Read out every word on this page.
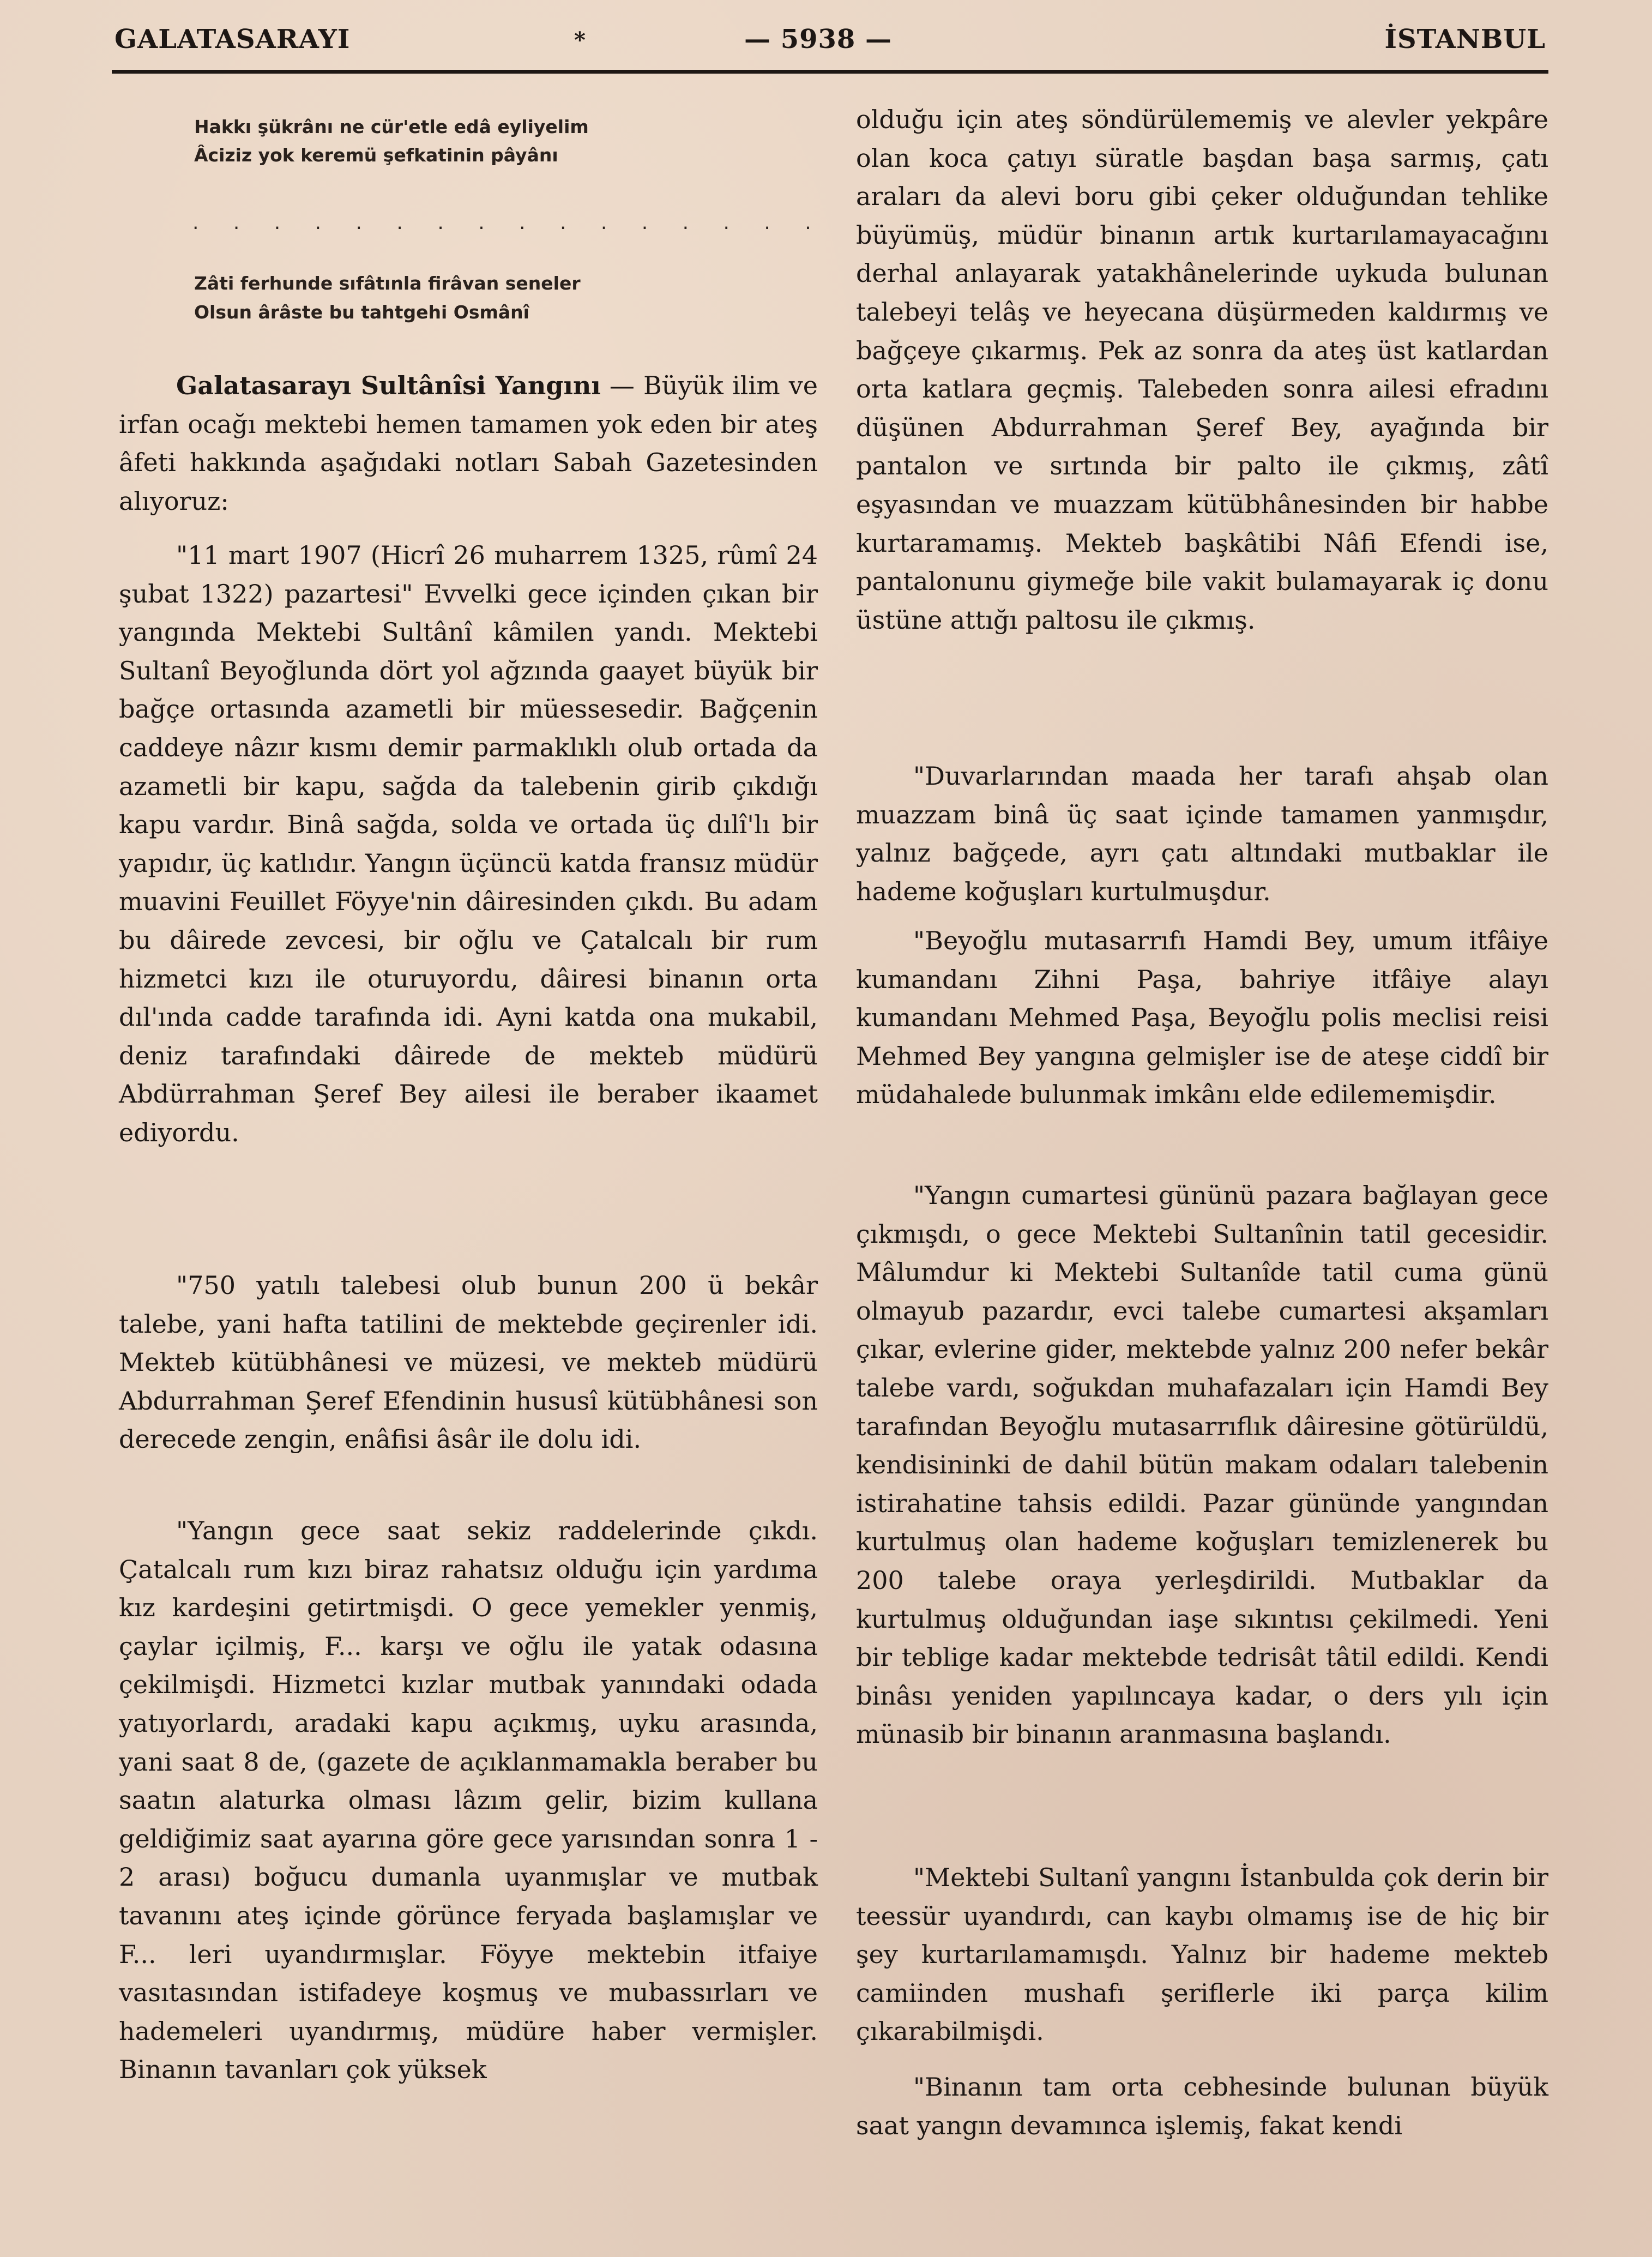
GALATASARAYI	*	— 5938 —	İSTANBUL
Hakkı şükrânı ne cür'etle edâ eyliyelim
Âciziz yok keremü şefkatinin pâyânı
. . . . . . . . . . . . . . . .
Zâti ferhunde sıfâtınla firâvan seneler
Olsun ârâste bu tahtgehi Osmânî

Galatasarayı Sultânîsi Yangını — Büyük ilim ve irfan ocağı mektebi hemen tamamen yok eden bir ateş âfeti hakkında aşağıdaki notları Sabah Gazetesinden alıyoruz:

"11 mart 1907 (Hicrî 26 muharrem 1325, rûmî 24 şubat 1322) pazartesi" Evvelki gece içinden çıkan bir yangında Mektebi Sultânî kâmilen yandı. Mektebi Sultanî Beyoğlunda dört yol ağzında gaayet büyük bir bağçe ortasında azametli bir müessesedir. Bağçenin caddeye nâzır kısmı demir parmaklıklı olub ortada da azametli bir kapu, sağda da talebenin girib çıkdığı kapu vardır. Binâ sağda, solda ve ortada üç dılî'lı bir yapıdır, üç katlıdır. Yangın üçüncü katda fransız müdür muavini Feuillet Föyye'nin dâiresinden çıkdı. Bu adam bu dâirede zevcesi, bir oğlu ve Çatalcalı bir rum hizmetci kızı ile oturuyordu, dâiresi binanın orta dıl'ında cadde tarafında idi. Ayni katda ona mukabil, deniz tarafındaki dâirede de mekteb müdürü Abdürrahman Şeref Bey ailesi ile beraber ikaamet ediyordu.

"750 yatılı talebesi olub bunun 200 ü bekâr talebe, yani hafta tatilini de mektebde geçirenler idi. Mekteb kütübhânesi ve müzesi, ve mekteb müdürü Abdurrahman Şeref Efendinin hususî kütübhânesi son derecede zengin, enâfisi âsâr ile dolu idi.

"Yangın gece saat sekiz raddelerinde çıkdı. Çatalcalı rum kızı biraz rahatsız olduğu için yardıma kız kardeşini getirtmişdi. O gece yemekler yenmiş, çaylar içilmiş, F... karşı ve oğlu ile yatak odasına çekilmişdi. Hizmetci kızlar mutbak yanındaki odada yatıyorlardı, aradaki kapu açıkmış, uyku arasında, yani saat 8 de, (gazete de açıklanmamakla beraber bu saatın alaturka olması lâzım gelir, bizim kullana geldiğimiz saat ayarına göre gece yarısından sonra 1 - 2 arası) boğucu dumanla uyanmışlar ve mutbak tavanını ateş içinde görünce feryada başlamışlar ve F... leri uyandırmışlar. Föyye mektebin itfaiye vasıtasından istifadeye koşmuş ve mubassırları ve hademeleri uyandırmış, müdüre haber vermişler. Binanın tavanları çok yüksek

olduğu için ateş söndürülememiş ve alevler yekpâre olan koca çatıyı süratle başdan başa sarmış, çatı araları da alevi boru gibi çeker olduğundan tehlike büyümüş, müdür binanın artık kurtarılamayacağını derhal anlayarak yatakhânelerinde uykuda bulunan talebeyi telâş ve heyecana düşürmeden kaldırmış ve bağçeye çıkarmış. Pek az sonra da ateş üst katlardan orta katlara geçmiş. Talebeden sonra ailesi efradını düşünen Abdurrahman Şeref Bey, ayağında bir pantalon ve sırtında bir palto ile çıkmış, zâtî eşyasından ve muazzam kütübhânesinden bir habbe kurtaramamış. Mekteb başkâtibi Nâfi Efendi ise, pantalonunu giymeğe bile vakit bulamayarak iç donu üstüne attığı paltosu ile çıkmış.

"Duvarlarından maada her tarafı ahşab olan muazzam binâ üç saat içinde tamamen yanmışdır, yalnız bağçede, ayrı çatı altındaki mutbaklar ile hademe koğuşları kurtulmuşdur.

"Beyoğlu mutasarrıfı Hamdi Bey, umum itfâiye kumandanı Zihni Paşa, bahriye itfâiye alayı kumandanı Mehmed Paşa, Beyoğlu polis meclisi reisi Mehmed Bey yangına gelmişler ise de ateşe ciddî bir müdahalede bulunmak imkânı elde edilememişdir.

"Yangın cumartesi gününü pazara bağlayan gece çıkmışdı, o gece Mektebi Sultanînin tatil gecesidir. Mâlumdur ki Mektebi Sultanîde tatil cuma günü olmayub pazardır, evci talebe cumartesi akşamları çıkar, evlerine gider, mektebde yalnız 200 nefer bekâr talebe vardı, soğukdan muhafazaları için Hamdi Bey tarafından Beyoğlu mutasarrıflık dâiresine götürüldü, kendisininki de dahil bütün makam odaları talebenin istirahatine tahsis edildi. Pazar gününde yangından kurtulmuş olan hademe koğuşları temizlenerek bu 200 talebe oraya yerleşdirildi. Mutbaklar da kurtulmuş olduğundan iaşe sıkıntısı çekilmedi. Yeni bir teblige kadar mektebde tedrisât tâtil edildi. Kendi binâsı yeniden yapılıncaya kadar, o ders yılı için münasib bir binanın aranmasına başlandı.

"Mektebi Sultanî yangını İstanbulda çok derin bir teessür uyandırdı, can kaybı olmamış ise de hiç bir şey kurtarılamamışdı. Yalnız bir hademe mekteb camiinden mushafı şeriflerle iki parça kilim çıkarabilmişdi.

"Binanın tam orta cebhesinde bulunan büyük saat yangın devamınca işlemiş, fakat kendi
